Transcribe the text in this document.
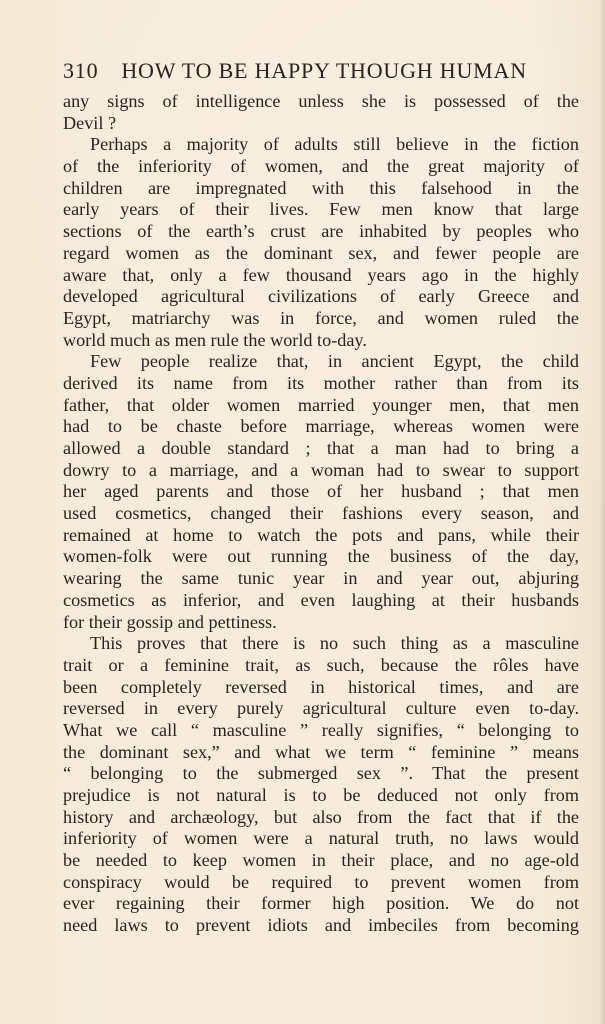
310 HOW TO BE HAPPY THOUGH HUMAN
any signs of intelligence unless she is possessed of the
Devil ?
Perhaps a majority of adults still believe in the fiction
of the inferiority of women, and the great majority of
children are impregnated with this falsehood in the
early years of their lives. Few men know that large
sections of the earth’s crust are inhabited by peoples who
regard women as the dominant sex, and fewer people are
aware that, only a few thousand years ago in the highly
developed agricultural civilizations of early Greece and
Egypt, matriarchy was in force, and women ruled the
world much as men rule the world to-day.
Few people realize that, in ancient Egypt, the child
derived its name from its mother rather than from its
father, that older women married younger men, that men
had to be chaste before marriage, whereas women were
allowed a double standard ; that a man had to bring a
dowry to a marriage, and a woman had to swear to support
her aged parents and those of her husband ; that men
used cosmetics, changed their fashions every season, and
remained at home to watch the pots and pans, while their
women-folk were out running the business of the day,
wearing the same tunic year in and year out, abjuring
cosmetics as inferior, and even laughing at their husbands
for their gossip and pettiness.
This proves that there is no such thing as a masculine
trait or a feminine trait, as such, because the rôles have
been completely reversed in historical times, and are
reversed in every purely agricultural culture even to-day.
What we call “ masculine ” really signifies, “ belonging to
the dominant sex,” and what we term “ feminine ” means
“ belonging to the submerged sex ”. That the present
prejudice is not natural is to be deduced not only from
history and archæology, but also from the fact that if the
inferiority of women were a natural truth, no laws would
be needed to keep women in their place, and no age-old
conspiracy would be required to prevent women from
ever regaining their former high position. We do not
need laws to prevent idiots and imbeciles from becoming
